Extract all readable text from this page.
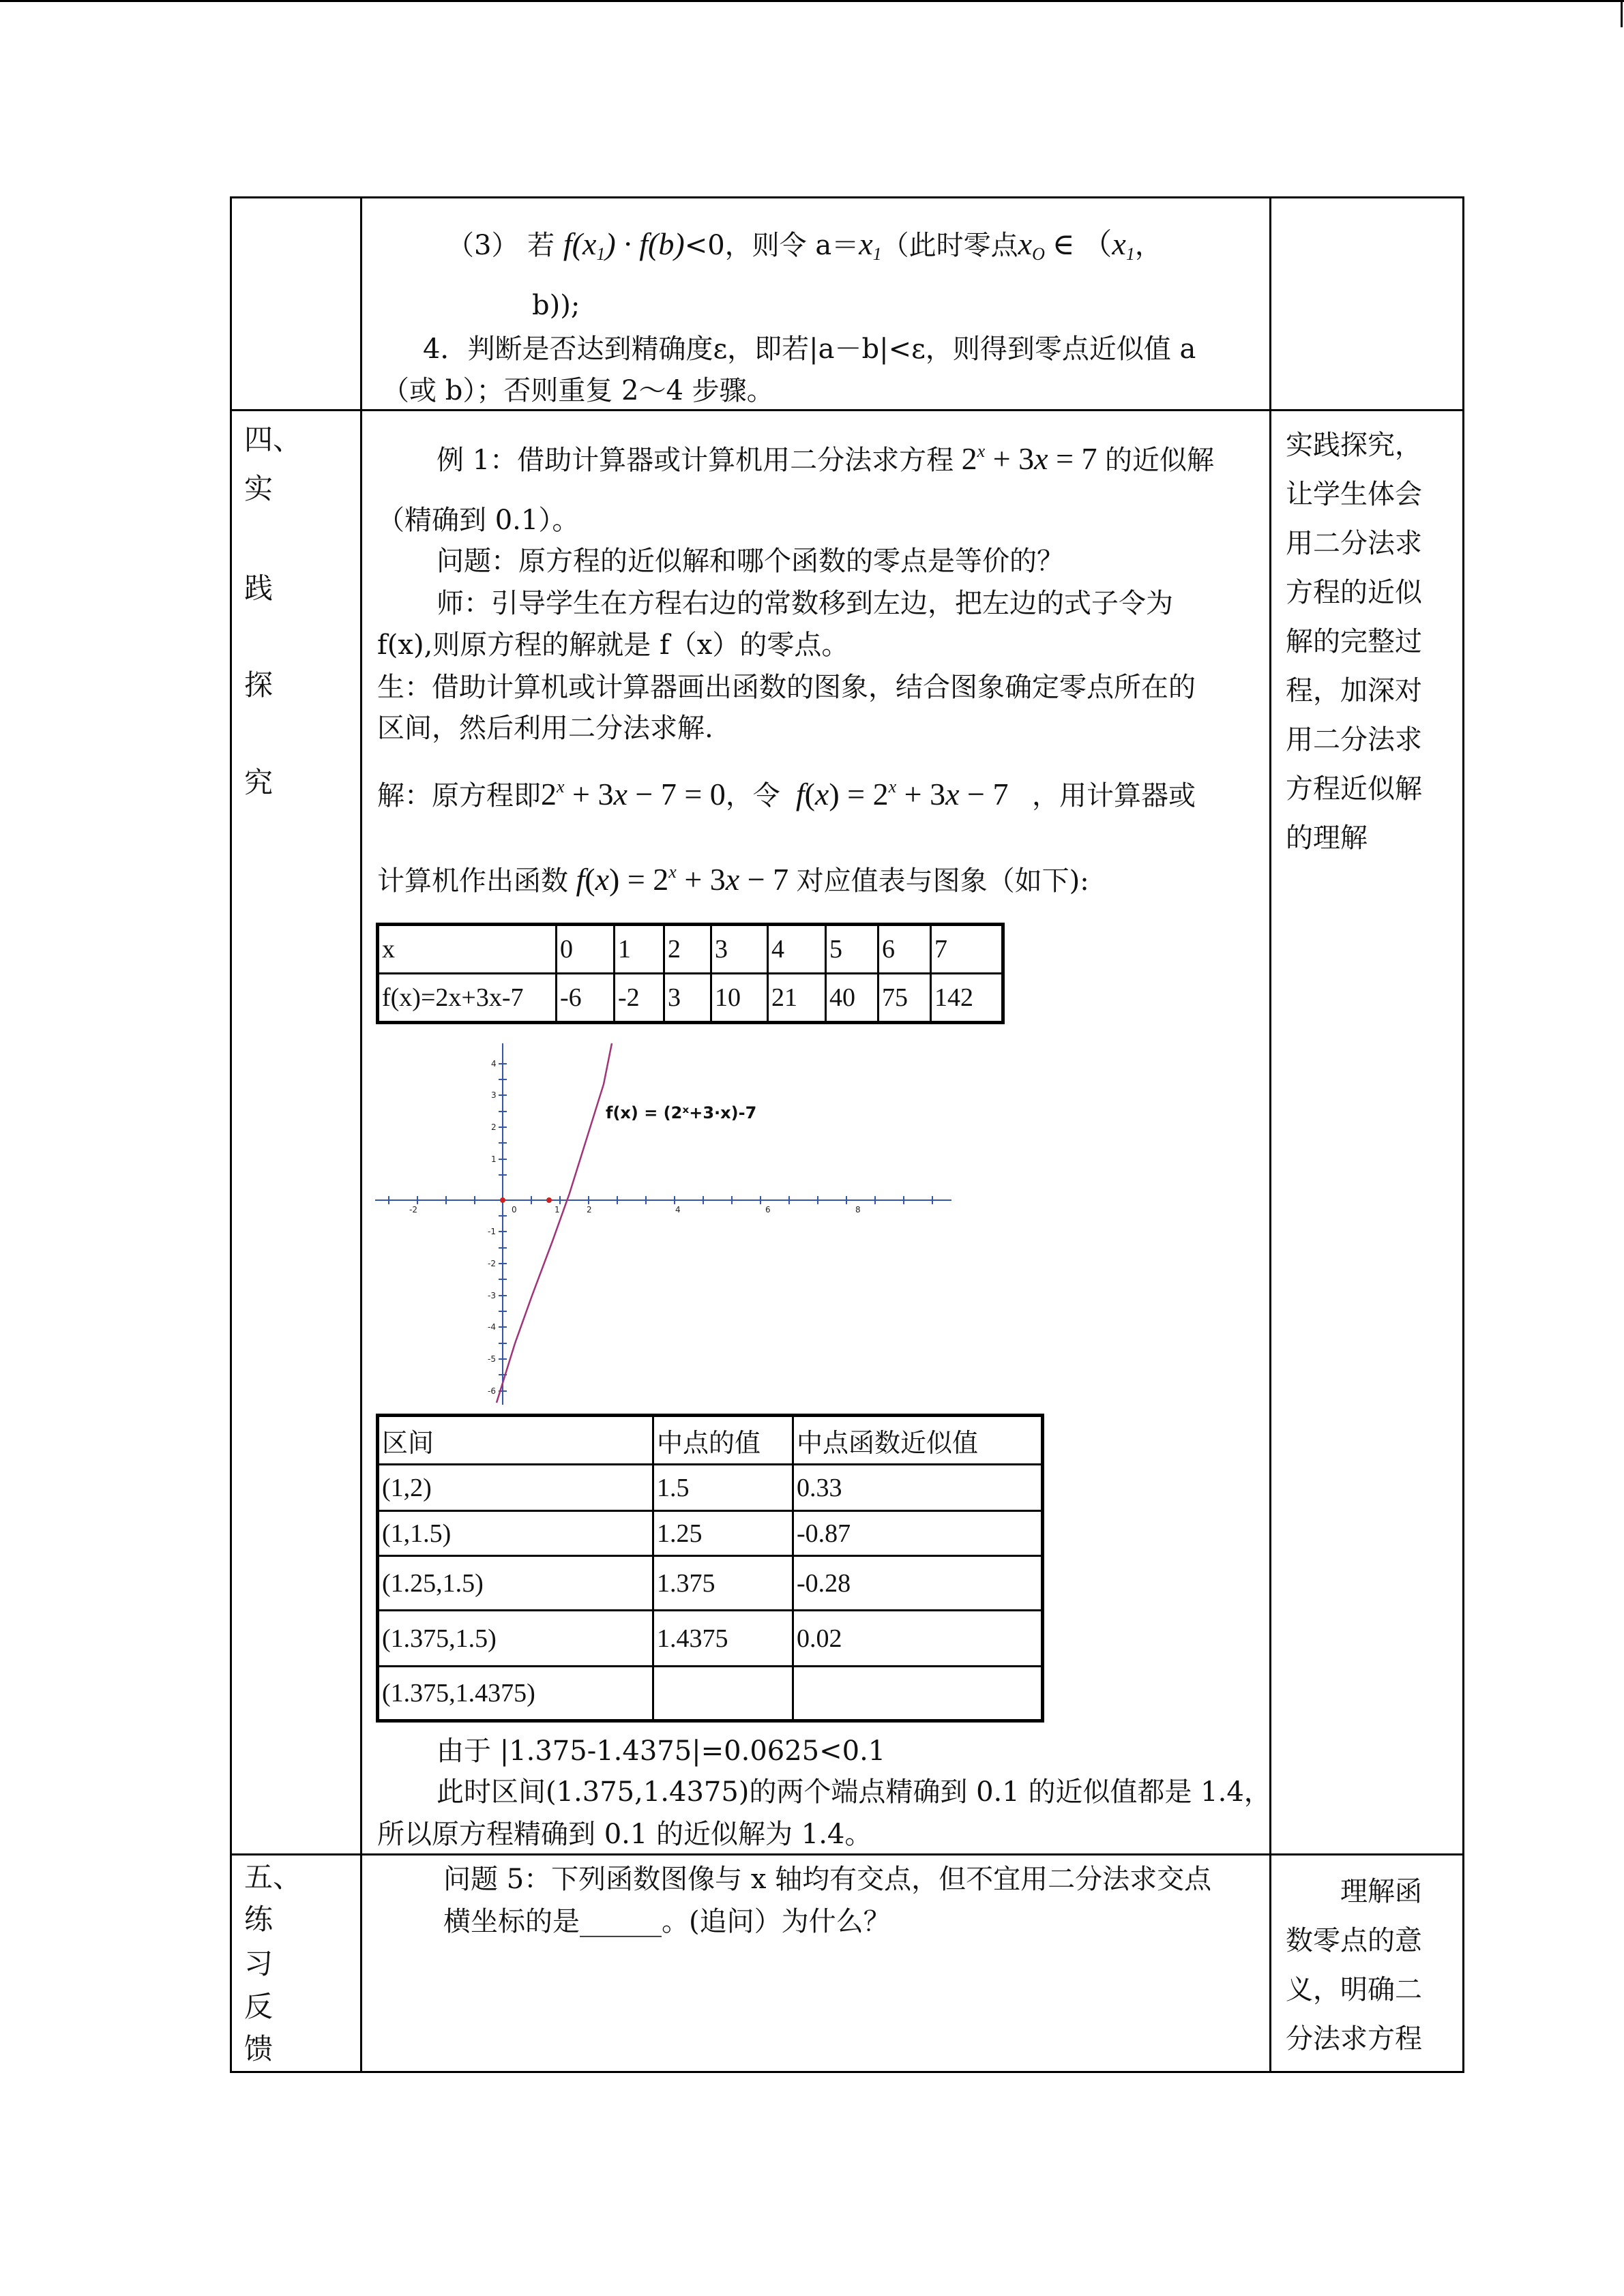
（3） 若 $f(x_1) \cdot f(b)<0$，则令 $a=x_1$（此时零点$x_O$ ∈ （$x_1$，
b));
4．判断是否达到精确度ε，即若|a－b|<ε，则得到零点近似值 a
（或 b）；否则重复 2～4 步骤。
四、
实
践
探
究
例 1：借助计算器或计算机用二分法求方程 $2^x + 3x = 7$ 的近似解
（精确到 0.1）。
问题：原方程的近似解和哪个函数的零点是等价的？
师：引导学生在方程右边的常数移到左边，把左边的式子令为
f(x),则原方程的解就是 f（x）的零点。
生：借助计算机或计算器画出函数的图象，结合图象确定零点所在的
区间，然后利用二分法求解.
解：原方程即$2^x + 3x - 7 = 0$，令 $f(x) = 2^x + 3x - 7$   ，用计算器或
计算机作出函数 $f(x) = 2^x + 3x - 7$ 对应值表与图象（如下):
x	0	1	2	3	4	5	6	7
f(x)=2x+3x-7	-6	-2	3	10	21	40	75	142
-2	0	1	2	4	6	8
4
3
2
1
-1
-2
-3
-4
-5
-6
f(x) = (2ˣ+3·x)-7
区间	中点的值	中点函数近似值
(1,2)	1.5	0.33
(1,1.5)	1.25	-0.87
(1.25,1.5)	1.375	-0.28
(1.375,1.5)	1.4375	0.02
(1.375,1.4375)		
由于 |1.375-1.4375|=0.0625<0.1
此时区间(1.375,1.4375)的两个端点精确到 0.1 的近似值都是 1.4，
所以原方程精确到 0.1 的近似解为 1.4。
实践探究，
让学生体会
用二分法求
方程的近似
解的完整过
程，加深对
用二分法求
方程近似解
的理解
五、
练
习
反
馈
问题 5：下列函数图像与 x 轴均有交点，但不宜用二分法求交点
横坐标的是______。(追问）为什么？
理解函
数零点的意
义，明确二
分法求方程
